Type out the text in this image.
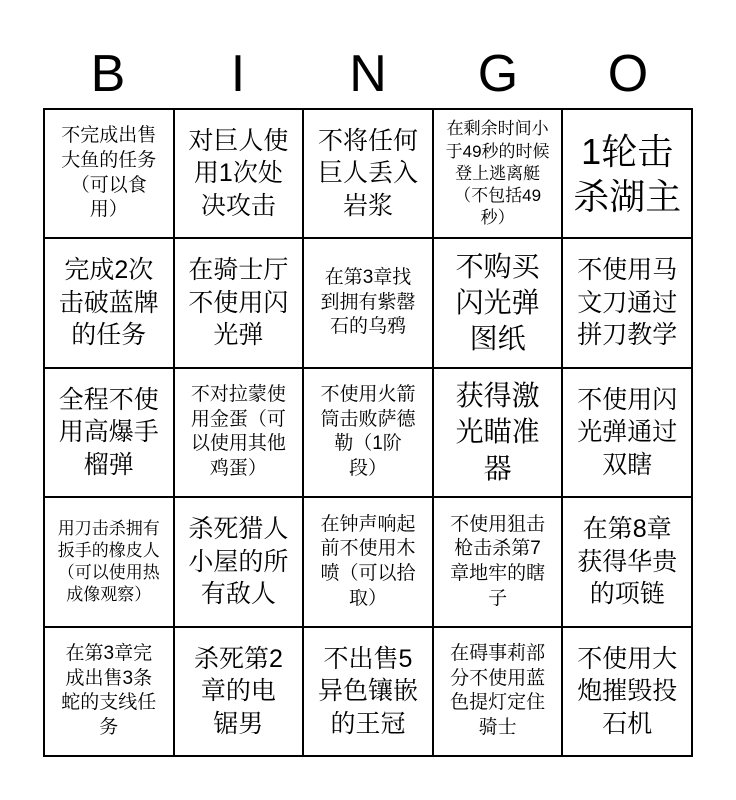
B	I	N	G	O
不完成出售
大鱼的任务
（可以食
用）
对巨人使
用1次处
决攻击
不将任何
巨人丢入
岩浆
在剩余时间小
于49秒的时候
登上逃离艇
（不包括49
秒）
1轮击
杀湖主
完成2次
击破蓝牌
的任务
在骑士厅
不使用闪
光弹
在第3章找
到拥有紫罄
石的乌鸦
不购买
闪光弹
图纸
不使用马
文刀通过
拼刀教学
全程不使
用高爆手
榴弹
不对拉蒙使
用金蛋（可
以使用其他
鸡蛋）
不使用火箭
筒击败萨德
勒（1阶
段）
获得激
光瞄准
器
不使用闪
光弹通过
双瞎
用刀击杀拥有
扳手的橡皮人
（可以使用热
成像观察）
杀死猎人
小屋的所
有敌人
在钟声响起
前不使用木
喷（可以拾
取）
不使用狙击
枪击杀第7
章地牢的瞎
子
在第8章
获得华贵
的项链
在第3章完
成出售3条
蛇的支线任
务
杀死第2
章的电
锯男
不出售5
异色镶嵌
的王冠
在碍事莉部
分不使用蓝
色提灯定住
骑士
不使用大
炮摧毁投
石机
